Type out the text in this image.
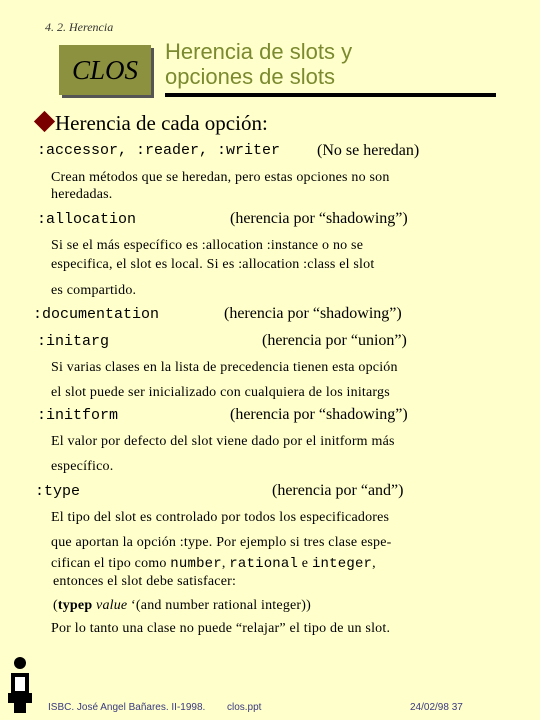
4. 2. Herencia
CLOS
Herencia de slots y
opciones de slots
Herencia de cada opción:
:accessor, :reader, :writer (No se heredan)
Crean métodos que se heredan, pero estas opciones no son
heredadas.
:allocation	(herencia por “shadowing”)
Si se el más específico es :allocation :instance o no se
especifica, el slot es local. Si es :allocation :class el slot
es compartido.
:documentation	(herencia por “shadowing”)
:initarg	(herencia por “union”)
Si varias clases en la lista de precedencia tienen esta opción
el slot puede ser inicializado con cualquiera de los initargs
:initform	(herencia por “shadowing”)
El valor por defecto del slot viene dado por el initform más
específico.
:type	(herencia por “and”)
El tipo del slot es controlado por todos los especificadores
que aportan la opción :type. Por ejemplo si tres clase espe-
cifican el tipo como number, rational e integer,
entonces el slot debe satisfacer:
(typep value ‘(and number rational integer))
Por lo tanto una clase no puede “relajar” el tipo de un slot.
ISBC. José Angel Bañares. II-1998. clos.ppt	24/02/98 37
